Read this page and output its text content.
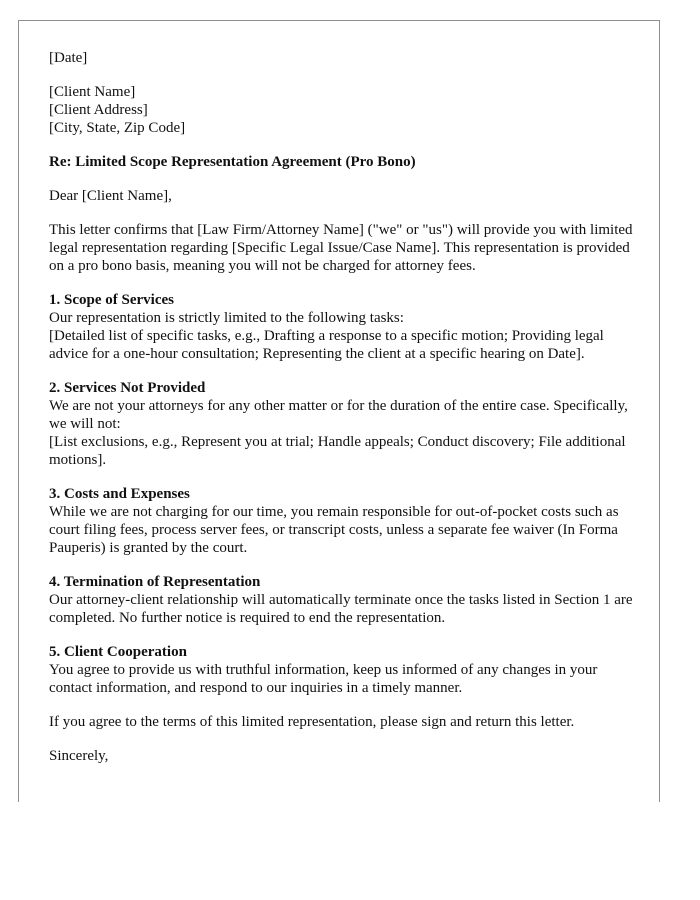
[Date]

[Client Name]
[Client Address]
[City, State, Zip Code]

Re: Limited Scope Representation Agreement (Pro Bono)

Dear [Client Name],

This letter confirms that [Law Firm/Attorney Name] ("we" or "us") will provide you with limited legal representation regarding [Specific Legal Issue/Case Name]. This representation is provided on a pro bono basis, meaning you will not be charged for attorney fees.

1. Scope of Services
Our representation is strictly limited to the following tasks:
[Detailed list of specific tasks, e.g., Drafting a response to a specific motion; Providing legal advice for a one-hour consultation; Representing the client at a specific hearing on Date].

2. Services Not Provided
We are not your attorneys for any other matter or for the duration of the entire case. Specifically, we will not:
[List exclusions, e.g., Represent you at trial; Handle appeals; Conduct discovery; File additional motions].

3. Costs and Expenses
While we are not charging for our time, you remain responsible for out-of-pocket costs such as court filing fees, process server fees, or transcript costs, unless a separate fee waiver (In Forma Pauperis) is granted by the court.

4. Termination of Representation
Our attorney-client relationship will automatically terminate once the tasks listed in Section 1 are completed. No further notice is required to end the representation.

5. Client Cooperation
You agree to provide us with truthful information, keep us informed of any changes in your contact information, and respond to our inquiries in a timely manner.

If you agree to the terms of this limited representation, please sign and return this letter.

Sincerely,
